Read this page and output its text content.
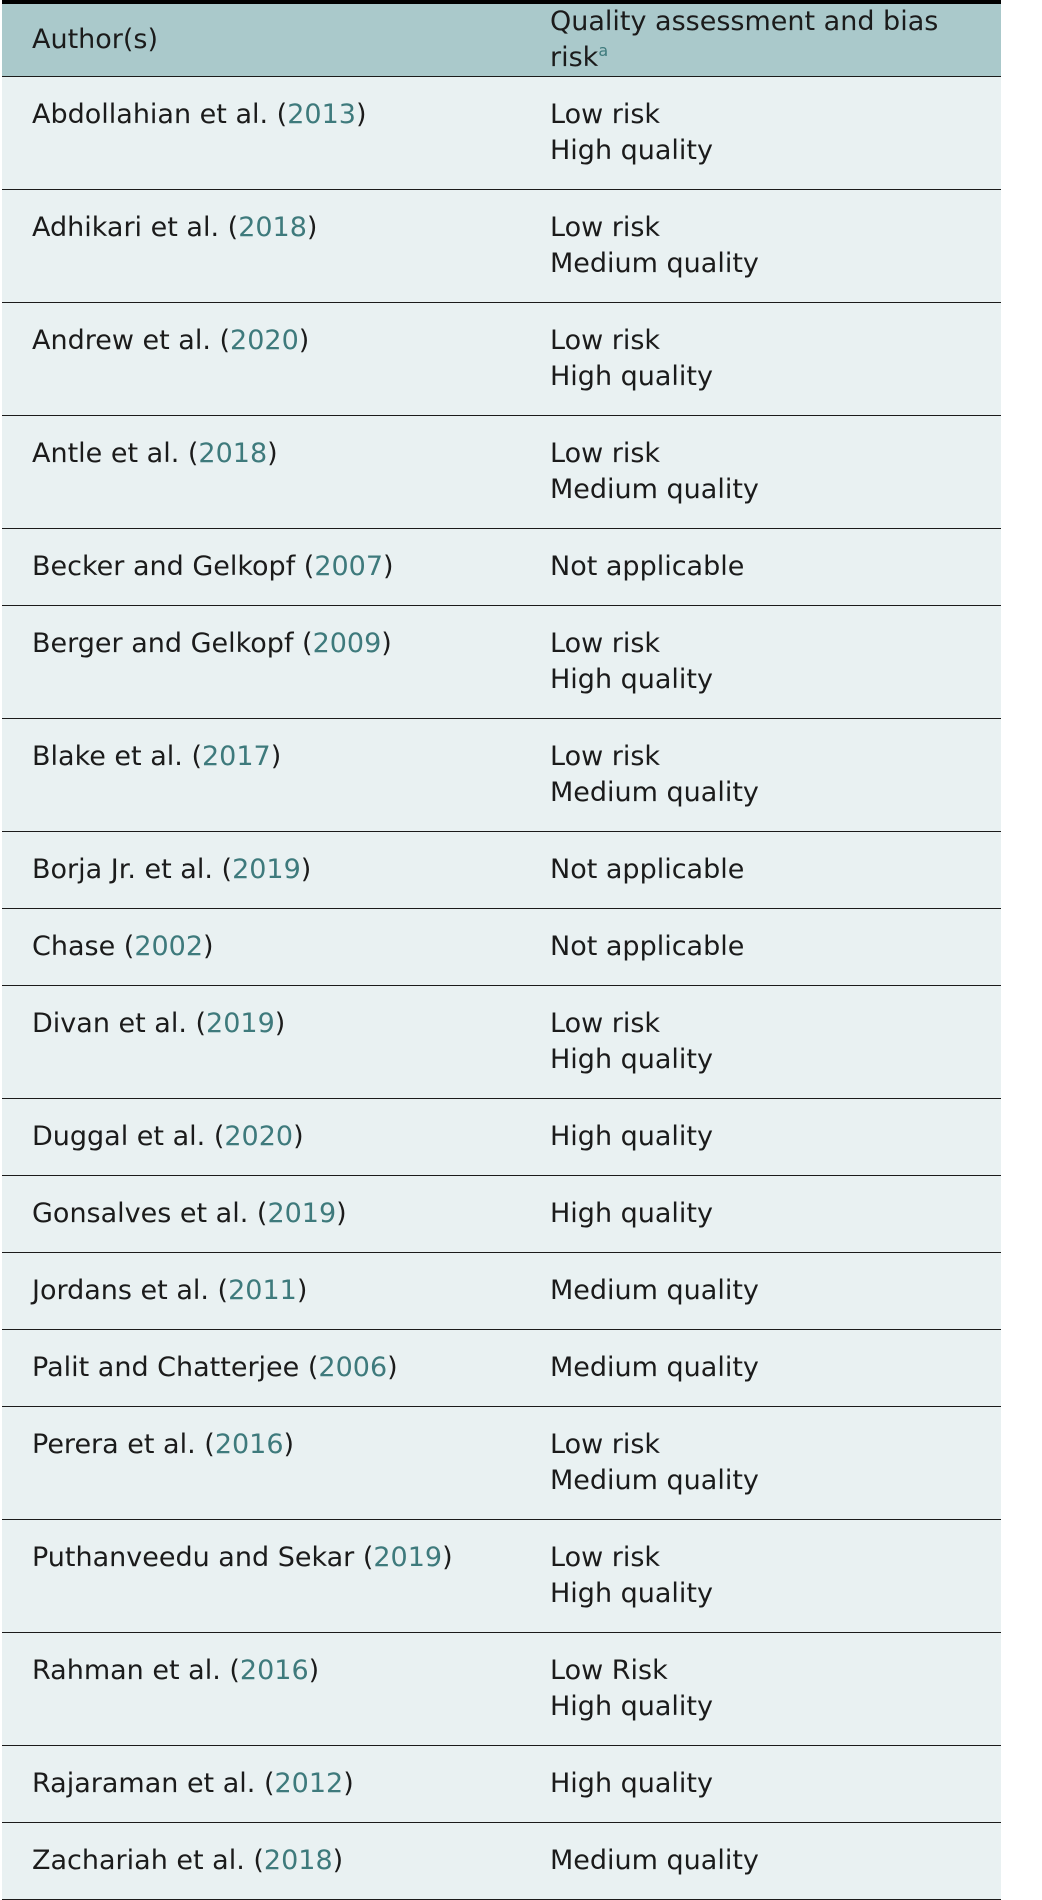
Author(s)	Quality assessment and bias risk$^a$
Abdollahian et al. (2013)	Low risk
High quality

Adhikari et al. (2018)	Low risk
Medium quality

Andrew et al. (2020)	Low risk
High quality

Antle et al. (2018)	Low risk
Medium quality

Becker and Gelkopf (2007)	Not applicable

Berger and Gelkopf (2009)	Low risk
High quality

Blake et al. (2017)	Low risk
Medium quality

Borja Jr. et al. (2019)	Not applicable

Chase (2002)	Not applicable

Divan et al. (2019)	Low risk
High quality

Duggal et al. (2020)	High quality

Gonsalves et al. (2019)	High quality

Jordans et al. (2011)	Medium quality

Palit and Chatterjee (2006)	Medium quality

Perera et al. (2016)	Low risk
Medium quality

Puthanveedu and Sekar (2019)	Low risk
High quality

Rahman et al. (2016)	Low Risk
High quality

Rajaraman et al. (2012)	High quality

Zachariah et al. (2018)	Medium quality
